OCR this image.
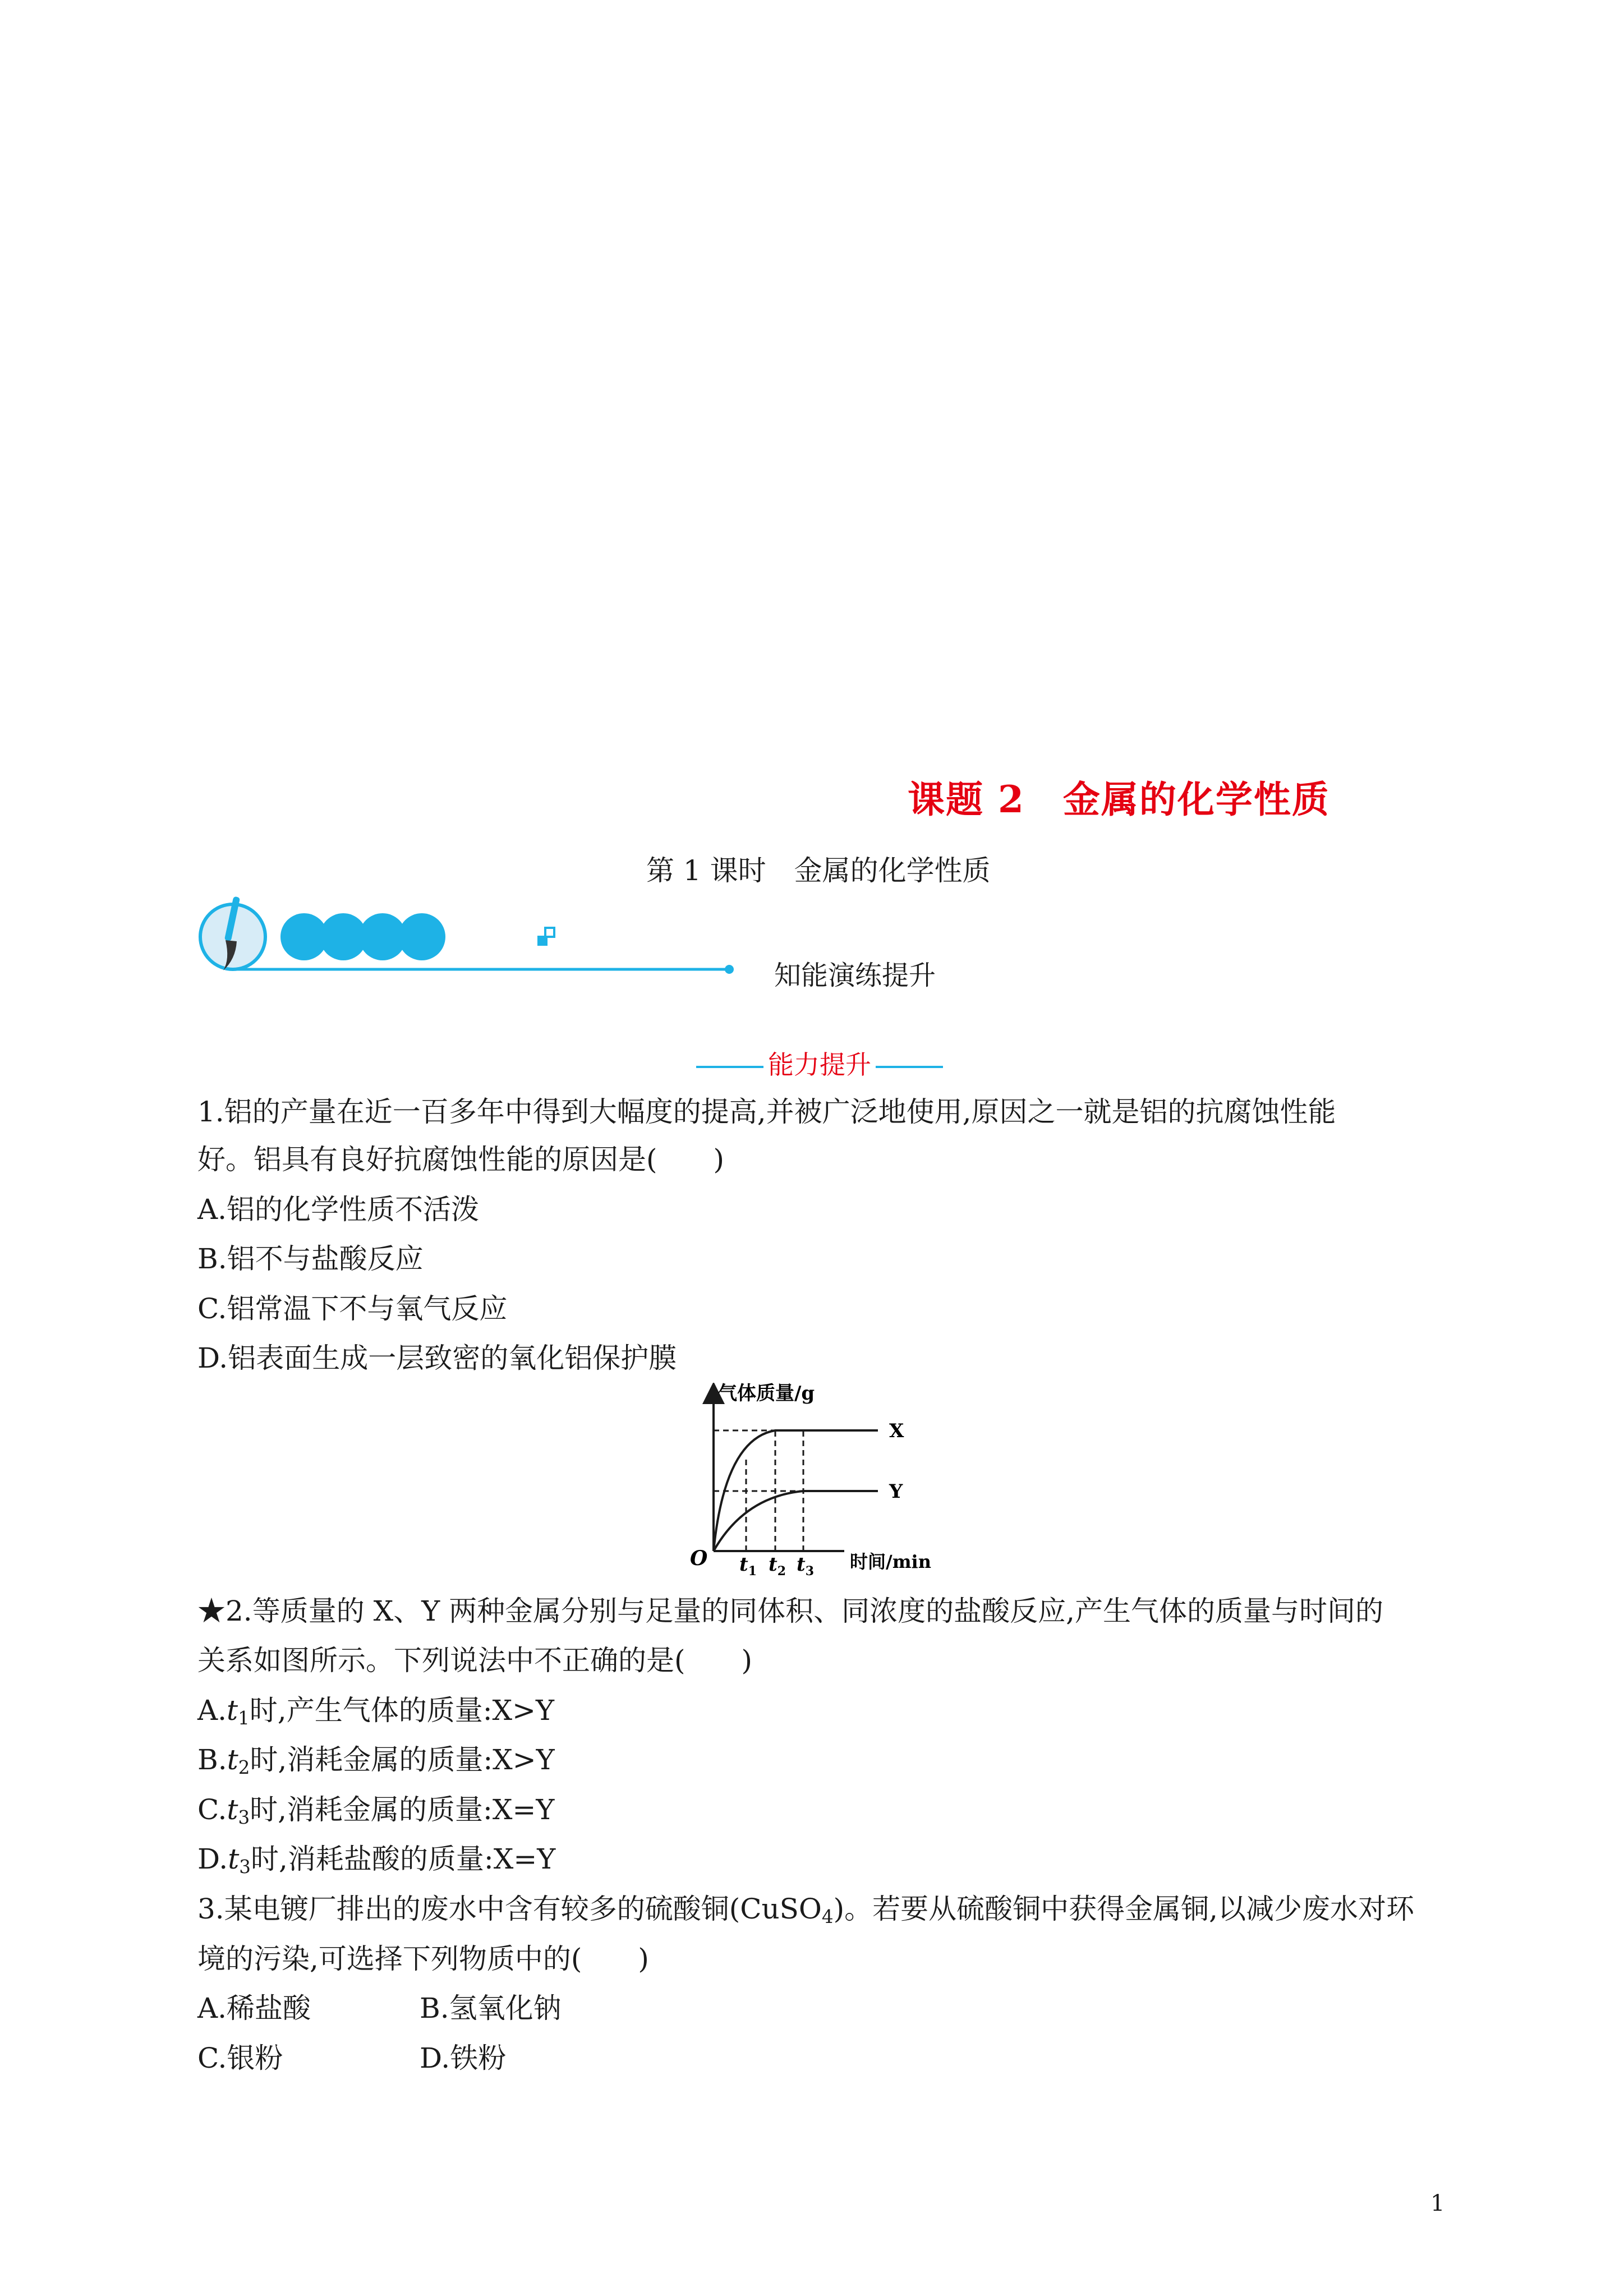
课题 2　金属的化学性质
第 1 课时　金属的化学性质
知能演练提升
能力提升
1.铝的产量在近一百多年中得到大幅度的提高,并被广泛地使用,原因之一就是铝的抗腐蚀性能
好。铝具有良好抗腐蚀性能的原因是(　　)
A.铝的化学性质不活泼
B.铝不与盐酸反应
C.铝常温下不与氧气反应
D.铝表面生成一层致密的氧化铝保护膜
气体质量/g
时间/min
O
X
Y
$t_1$ $t_2$ $t_3$
★2.等质量的 X、Y 两种金属分别与足量的同体积、同浓度的盐酸反应,产生气体的质量与时间的
关系如图所示。下列说法中不正确的是(　　)
$A.t_1$时,产生气体的质量:X>Y
$B.t_2$时,消耗金属的质量:X>Y
$C.t_3$时,消耗金属的质量:X=Y
$D.t_3$时,消耗盐酸的质量:X=Y
3.某电镀厂排出的废水中含有较多的硫酸铜(CuSO$_4$)。若要从硫酸铜中获得金属铜,以减少废水对环
境的污染,可选择下列物质中的(　　)
A.稀盐酸	B.氢氧化钠
C.银粉	D.铁粉
1
